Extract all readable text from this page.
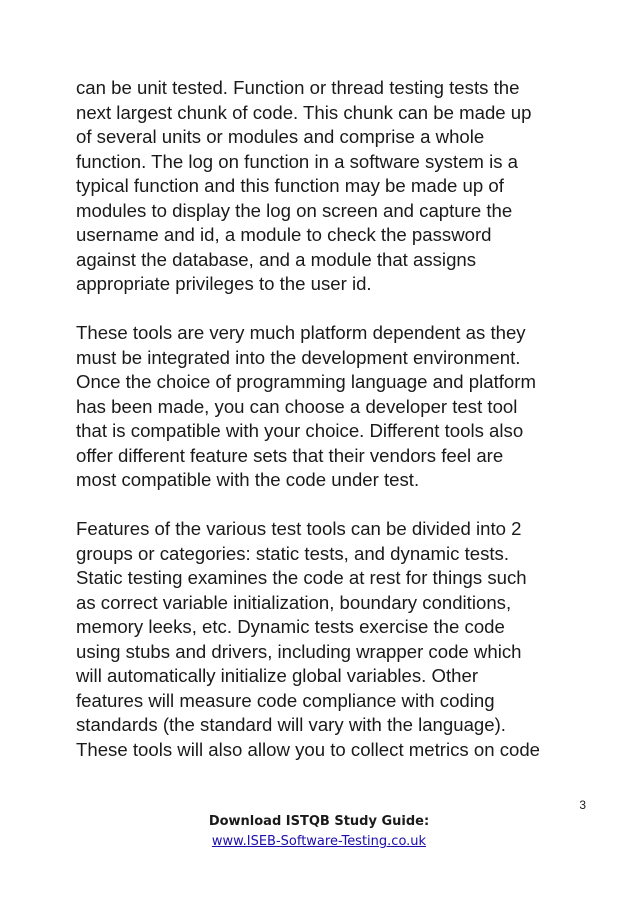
can be unit tested. Function or thread testing tests the
next largest chunk of code. This chunk can be made up
of several units or modules and comprise a whole
function. The log on function in a software system is a
typical function and this function may be made up of
modules to display the log on screen and capture the
username and id, a module to check the password
against the database, and a module that assigns
appropriate privileges to the user id.
These tools are very much platform dependent as they
must be integrated into the development environment.
Once the choice of programming language and platform
has been made, you can choose a developer test tool
that is compatible with your choice. Different tools also
offer different feature sets that their vendors feel are
most compatible with the code under test.
Features of the various test tools can be divided into 2
groups or categories: static tests, and dynamic tests.
Static testing examines the code at rest for things such
as correct variable initialization, boundary conditions,
memory leeks, etc. Dynamic tests exercise the code
using stubs and drivers, including wrapper code which
will automatically initialize global variables. Other
features will measure code compliance with coding
standards (the standard will vary with the language).
These tools will also allow you to collect metrics on code
3
Download ISTQB Study Guide:
www.ISEB-Software-Testing.co.uk
